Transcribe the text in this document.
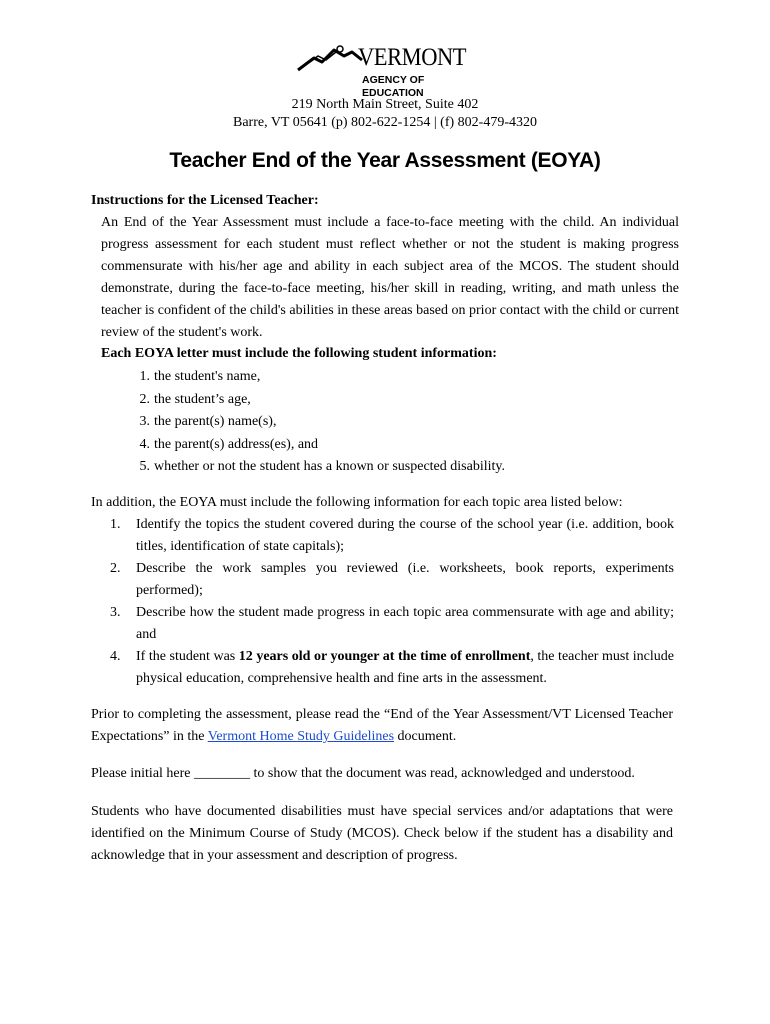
VERMONT
AGENCY OF EDUCATION
219 North Main Street, Suite 402
Barre, VT 05641 (p) 802-622-1254 | (f) 802-479-4320
Teacher End of the Year Assessment (EOYA)
Instructions for the Licensed Teacher:
An End of the Year Assessment must include a face-to-face meeting with the child. An individual progress assessment for each student must reflect whether or not the student is making progress commensurate with his/her age and ability in each subject area of the MCOS. The student should demonstrate, during the face-to-face meeting, his/her skill in reading, writing, and math unless the teacher is confident of the child's abilities in these areas based on prior contact with the child or current review of the student's work.
Each EOYA letter must include the following student information:
1. the student's name,
2. the student’s age,
3. the parent(s) name(s),
4. the parent(s) address(es), and
5. whether or not the student has a known or suspected disability.
In addition, the EOYA must include the following information for each topic area listed below:
1. Identify the topics the student covered during the course of the school year (i.e. addition, book titles, identification of state capitals);
2. Describe the work samples you reviewed (i.e. worksheets, book reports, experiments performed);
3. Describe how the student made progress in each topic area commensurate with age and ability; and
4. If the student was 12 years old or younger at the time of enrollment, the teacher must include physical education, comprehensive health and fine arts in the assessment.
Prior to completing the assessment, please read the “End of the Year Assessment/VT Licensed Teacher Expectations” in the Vermont Home Study Guidelines document.
Please initial here ________ to show that the document was read, acknowledged and understood.
Students who have documented disabilities must have special services and/or adaptations that were identified on the Minimum Course of Study (MCOS). Check below if the student has a disability and acknowledge that in your assessment and description of progress.
